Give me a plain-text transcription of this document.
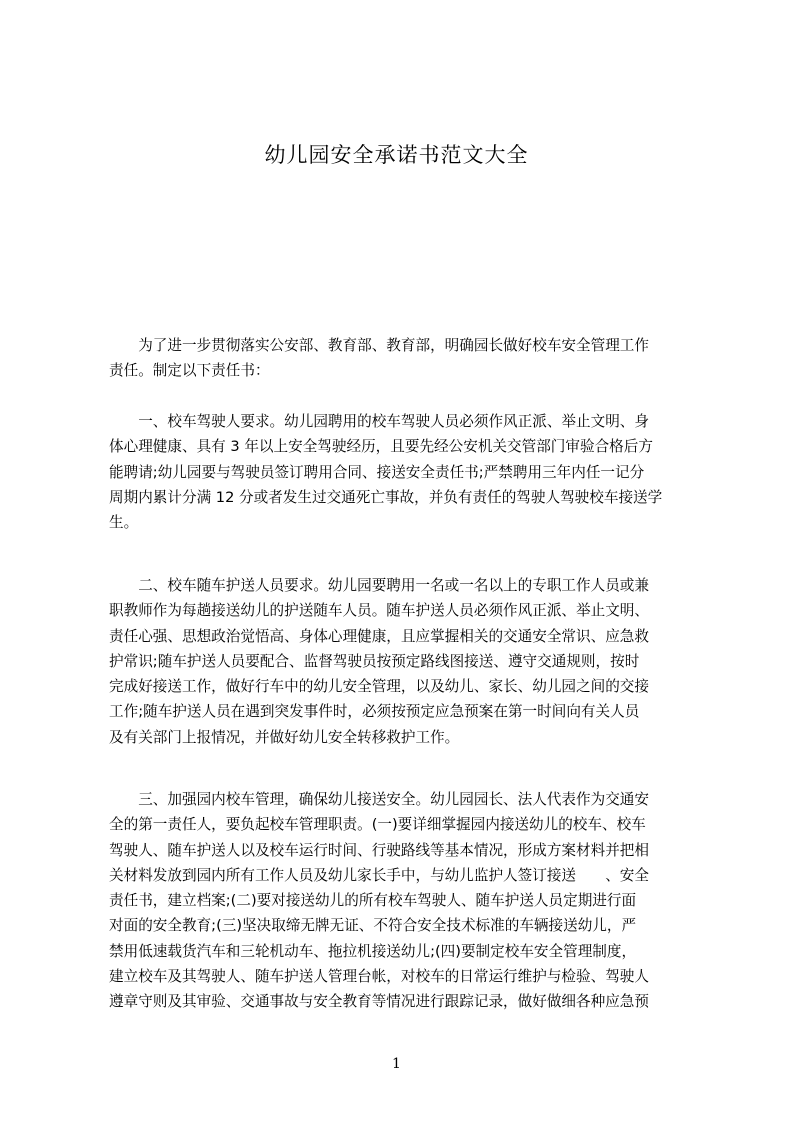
幼儿园安全承诺书范文大全

　　为了进一步贯彻落实公安部、教育部、教育部，明确园长做好校车安全管理工作
责任。制定以下责任书：

　　一、校车驾驶人要求。幼儿园聘用的校车驾驶人员必须作风正派、举止文明、身
体心理健康、具有 3 年以上安全驾驶经历，且要先经公安机关交管部门审验合格后方
能聘请;幼儿园要与驾驶员签订聘用合同、接送安全责任书;严禁聘用三年内任一记分
周期内累计分满 12 分或者发生过交通死亡事故，并负有责任的驾驶人驾驶校车接送学
生。

　　二、校车随车护送人员要求。幼儿园要聘用一名或一名以上的专职工作人员或兼
职教师作为每趟接送幼儿的护送随车人员。随车护送人员必须作风正派、举止文明、
责任心强、思想政治觉悟高、身体心理健康，且应掌握相关的交通安全常识、应急救
护常识;随车护送人员要配合、监督驾驶员按预定路线图接送、遵守交通规则，按时
完成好接送工作，做好行车中的幼儿安全管理，以及幼儿、家长、幼儿园之间的交接
工作;随车护送人员在遇到突发事件时，必须按预定应急预案在第一时间向有关人员
及有关部门上报情况，并做好幼儿安全转移救护工作。

　　三、加强园内校车管理，确保幼儿接送安全。幼儿园园长、法人代表作为交通安
全的第一责任人，要负起校车管理职责。(一)要详细掌握园内接送幼儿的校车、校车
驾驶人、随车护送人以及校车运行时间、行驶路线等基本情况，形成方案材料并把相
关材料发放到园内所有工作人员及幼儿家长手中，与幼儿监护人签订接送　　、安全
责任书，建立档案;(二)要对接送幼儿的所有校车驾驶人、随车护送人员定期进行面
对面的安全教育;(三)坚决取缔无牌无证、不符合安全技术标准的车辆接送幼儿，严
禁用低速载货汽车和三轮机动车、拖拉机接送幼儿;(四)要制定校车安全管理制度，
建立校车及其驾驶人、随车护送人管理台帐，对校车的日常运行维护与检验、驾驶人
遵章守则及其审验、交通事故与安全教育等情况进行跟踪记录，做好做细各种应急预

1
